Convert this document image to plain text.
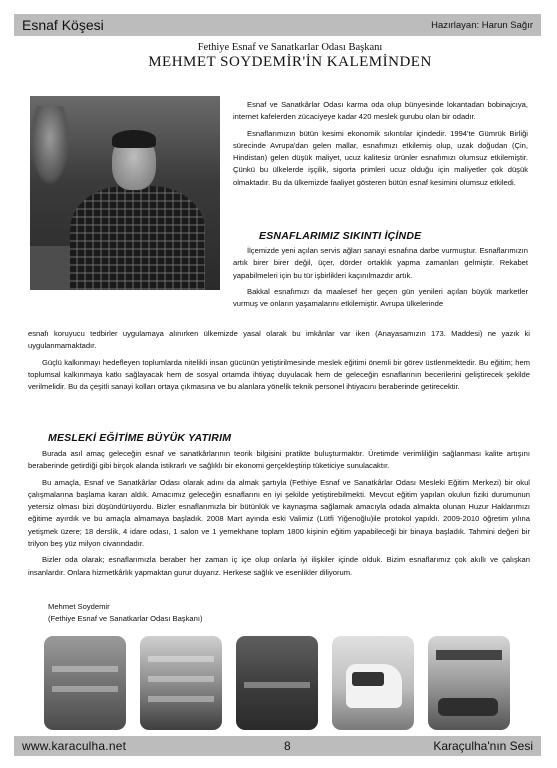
Esnaf Köşesi	Hazırlayan: Harun Sağır
Fethiye Esnaf ve Sanatkarlar Odası Başkanı
MEHMET SOYDEMİR'İN KALEMİNDEN

Esnaf ve Sanatkârlar Odası karma oda olup bünyesinde lokantadan bobinajcıya, internet kafelerden zücaciyeye kadar 420 meslek gurubu olan bir odadır.

Esnaflarımızın bütün kesimi ekonomik sıkıntılar içindedir. 1994'te Gümrük Birliği sürecinde Avrupa'dan gelen mallar, esnafımızı etkilemiş olup, uzak doğudan (Çin, Hindistan) gelen düşük maliyet, ucuz kalitesiz ürünler esnafımızı olumsuz etkilemiştir. Çünkü bu ülkelerde işçilik, sigorta primleri ucuz olduğu için maliyetler çok düşük olmaktadır. Bu da ülkemizde faaliyet gösteren bütün esnaf kesimini olumsuz etkiledi.

ESNAFLARIMIZ SIKINTI İÇİNDE

İlçemizde yeni açılan servis ağları sanayi esnafına darbe vurmuştur. Esnaflarımızın artık birer birer değil, üçer, dörder ortaklık yapma zamanları gelmiştir. Rekabet yapabilmeleri için bu tür işbirlikleri kaçınılmazdır artık.

Bakkal esnafımızı da maalesef her geçen gün yenileri açılan büyük marketler vurmuş ve onların yaşamalarını etkilemiştir. Avrupa ülkelerinde

esnafı koruyucu tedbirler uygulamaya alınırken ülkemizde yasal olarak bu imkânlar var iken (Anayasamızın 173. Maddesi) ne yazık ki uygulanmamaktadır.

Güçlü kalkınmayı hedefleyen toplumlarda nitelikli insan gücünün yetiştirilmesinde meslek eğitimi önemli bir görev üstlenmektedir. Bu eğitim; hem toplumsal kalkınmaya katkı sağlayacak hem de sosyal ortamda ihtiyaç duyulacak hem de geleceğin esnaflarının becerilerini geliştirecek şekilde verilmelidir. Bu da çeşitli sanayi kolları ortaya çıkmasına ve bu alanlara yönelik teknik personel ihtiyacını beraberinde getirecektir.

MESLEKİ EĞİTİME BÜYÜK YATIRIM

Burada asıl amaç geleceğin esnaf ve sanatkârlarının teorik bilgisini pratikte buluşturmaktır. Üretimde verimliliğin sağlanması kalite artışını beraberinde getirdiği gibi birçok alanda istikrarlı ve sağlıklı bir ekonomi gerçekleştirip tüketiciye sunulacaktır.

Bu amaçla, Esnaf ve Sanatkârlar Odası olarak adını da almak şartıyla (Fethiye Esnaf ve Sanatkârlar Odası Mesleki Eğitim Merkezi) bir okul çalışmalarına başlama kararı aldık. Amacımız geleceğin esnaflarını en iyi şekilde yetiştirebilmekti. Mevcut eğitim yapılan okulun fiziki durumunun yetersiz olması bizi düşündürüyordu. Bizler esnaflarımızla bir bütünlük ve kaynaşma sağlamak amacıyla odada almakta olunan Huzur Haklarımızı eğitime ayırdık ve bu amaçla almamaya başladık. 2008 Mart ayında eski Valimiz (Lütfi Yiğenoğlu)ile protokol yapıldı. 2009-2010 öğretim yılına yetişmek üzere; 18 derslik, 4 idare odası, 1 salon ve 1 yemekhane toplam 1800 kişinin eğitim yapabileceği bir binaya başladık. Tahmini değeri bir trilyon beş yüz milyon civarındadır.

Bizler oda olarak; esnaflarımızla beraber her zaman iç içe olup onlarla iyi ilişkiler içinde olduk. Bizim esnaflarımız çok akıllı ve çalışkan insanlardır. Onlara hizmetkârlık yapmaktan gurur duyarız. Herkese sağlık ve esenlikler diliyorum.

Mehmet Soydemir
(Fethiye Esnaf ve Sanatkarlar Odası Başkanı)
www.karaculha.net	8	Karaçulha'nın Sesi
